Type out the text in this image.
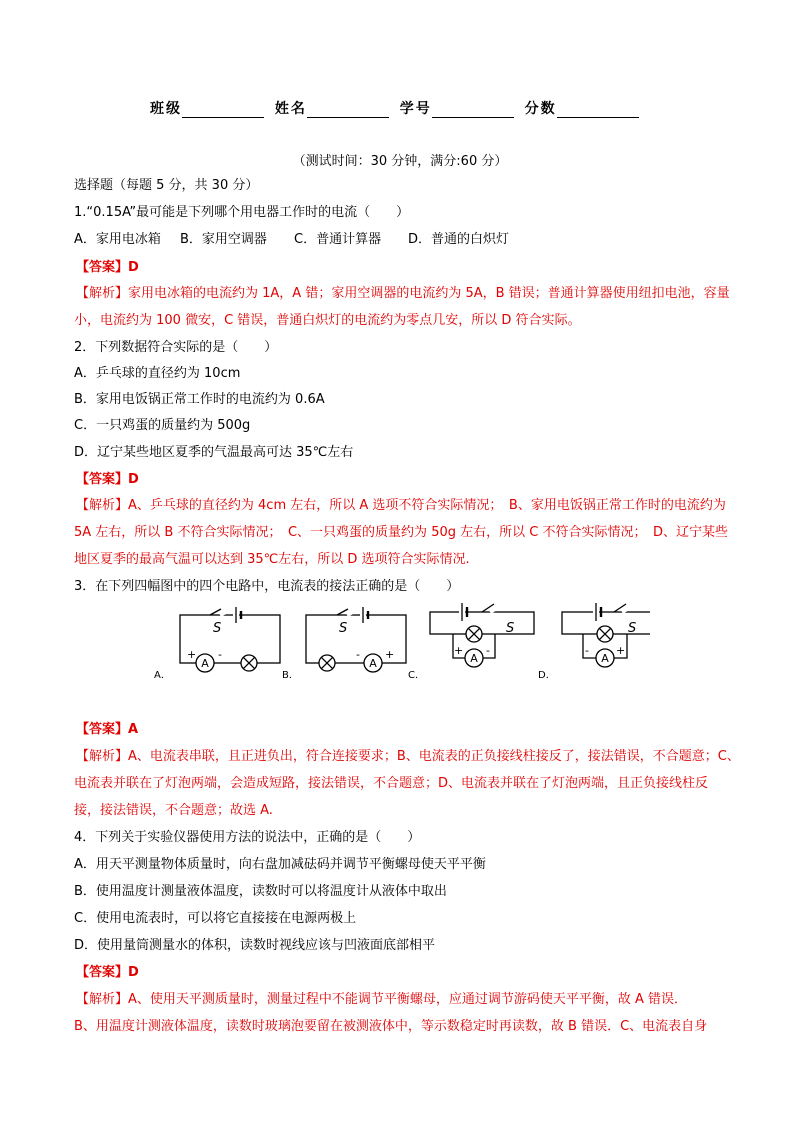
班级	姓名	学号	分数
（测试时间：30 分钟，满分:60 分）
选择题（每题 5 分，共 30 分）
1.“0.15A”最可能是下列哪个用电器工作时的电流（　　）
A．家用电冰箱 B．家用空调器 C．普通计算器 D．普通的白炽灯
【答案】D
【解析】家用电冰箱的电流约为 1A，A 错；家用空调器的电流约为 5A，B 错误；普通计算器使用纽扣电池，容量
小，电流约为 100 微安，C 错误，普通白炽灯的电流约为零点几安，所以 D 符合实际。
2．下列数据符合实际的是（　　）
A．乒乓球的直径约为 10cm
B．家用电饭锅正常工作时的电流约为 0.6A
C．一只鸡蛋的质量约为 500g
D．辽宁某些地区夏季的气温最高可达 35℃左右
【答案】D
【解析】A、乒乓球的直径约为 4cm 左右，所以 A 选项不符合实际情况；　B、家用电饭锅正常工作时的电流约为
5A 左右，所以 B 不符合实际情况；　C、一只鸡蛋的质量约为 50g 左右，所以 C 不符合实际情况；　D、辽宁某些
地区夏季的最高气温可以达到 35℃左右，所以 D 选项符合实际情况.
3．在下列四幅图中的四个电路中，电流表的接法正确的是（　　）
S
A
+ -
A．
S
A
- +
B．
S
A
+ -
C．
S
A
- +
D．
【答案】A
【解析】A、电流表串联，且正进负出，符合连接要求；B、电流表的正负接线柱接反了，接法错误，不合题意；C、
电流表并联在了灯泡两端，会造成短路，接法错误，不合题意；D、电流表并联在了灯泡两端，且正负接线柱反
接，接法错误，不合题意；故选 A.
4．下列关于实验仪器使用方法的说法中，正确的是（　　）
A．用天平测量物体质量时，向右盘加减砝码并调节平衡螺母使天平平衡
B．使用温度计测量液体温度，读数时可以将温度计从液体中取出
C．使用电流表时，可以将它直接接在电源两极上
D．使用量筒测量水的体积，读数时视线应该与凹液面底部相平
【答案】D
【解析】A、使用天平测质量时，测量过程中不能调节平衡螺母，应通过调节游码使天平平衡，故 A 错误．
B、用温度计测液体温度，读数时玻璃泡要留在被测液体中，等示数稳定时再读数，故 B 错误．C、电流表自身
